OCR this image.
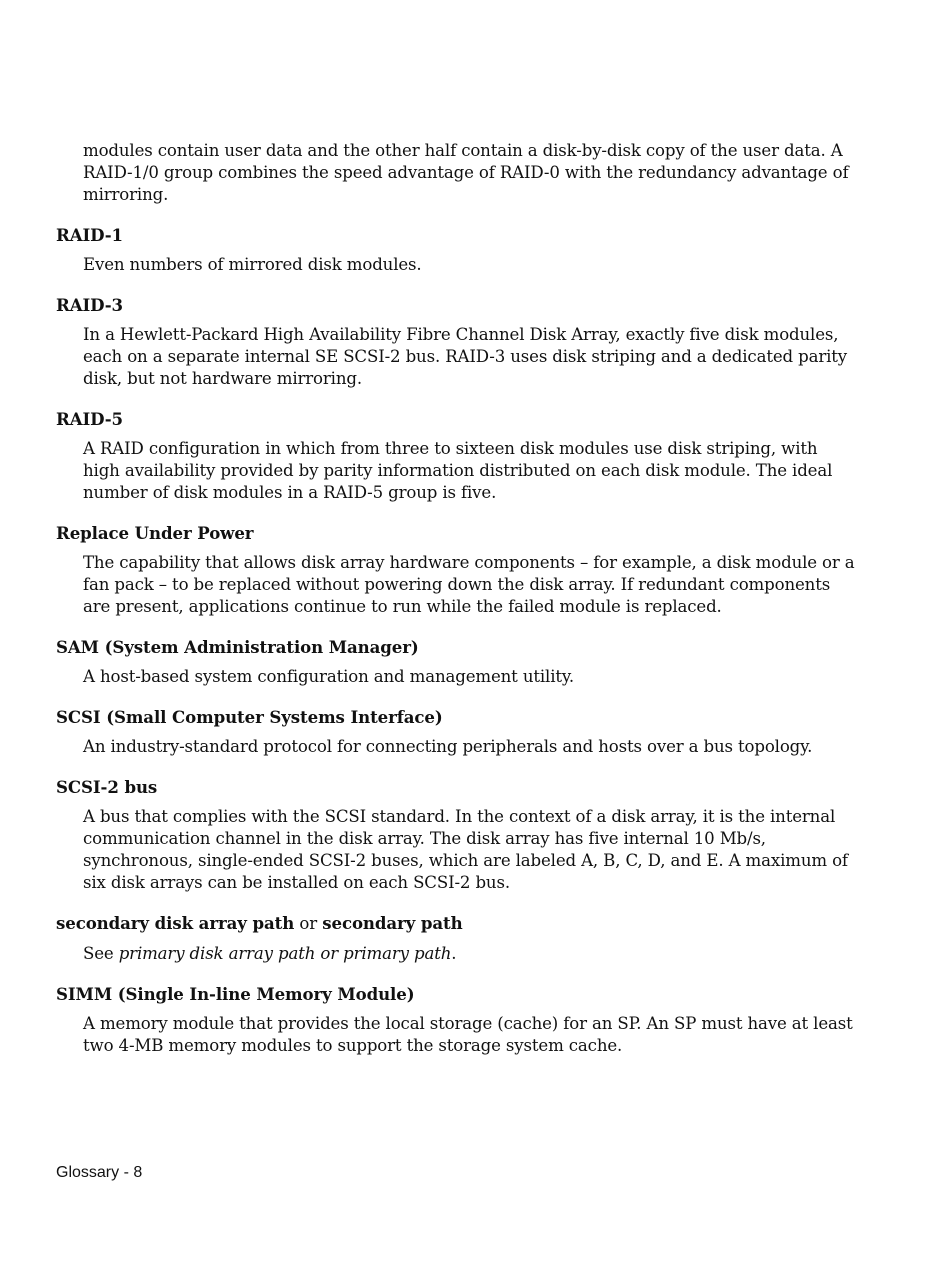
modules contain user data and the other half contain a disk-by-disk copy of the user data. A RAID-1/0 group combines the speed advantage of RAID-0 with the redundancy advantage of mirroring.

RAID-1

Even numbers of mirrored disk modules.

RAID-3

In a Hewlett-Packard High Availability Fibre Channel Disk Array, exactly five disk modules, each on a separate internal SE SCSI-2 bus. RAID-3 uses disk striping and a dedicated parity disk, but not hardware mirroring.

RAID-5

A RAID configuration in which from three to sixteen disk modules use disk striping, with high availability provided by parity information distributed on each disk module. The ideal number of disk modules in a RAID-5 group is five.

Replace Under Power

The capability that allows disk array hardware components – for example, a disk module or a fan pack – to be replaced without powering down the disk array. If redundant components are present, applications continue to run while the failed module is replaced.

SAM (System Administration Manager)

A host-based system configuration and management utility.

SCSI (Small Computer Systems Interface)

An industry-standard protocol for connecting peripherals and hosts over a bus topology.

SCSI-2 bus

A bus that complies with the SCSI standard. In the context of a disk array, it is the internal communication channel in the disk array. The disk array has five internal 10 Mb/s, synchronous, single-ended SCSI-2 buses, which are labeled A, B, C, D, and E. A maximum of six disk arrays can be installed on each SCSI-2 bus.

secondary disk array path or secondary path

See primary disk array path or primary path.

SIMM (Single In-line Memory Module)

A memory module that provides the local storage (cache) for an SP. An SP must have at least two 4-MB memory modules to support the storage system cache.

Glossary - 8
